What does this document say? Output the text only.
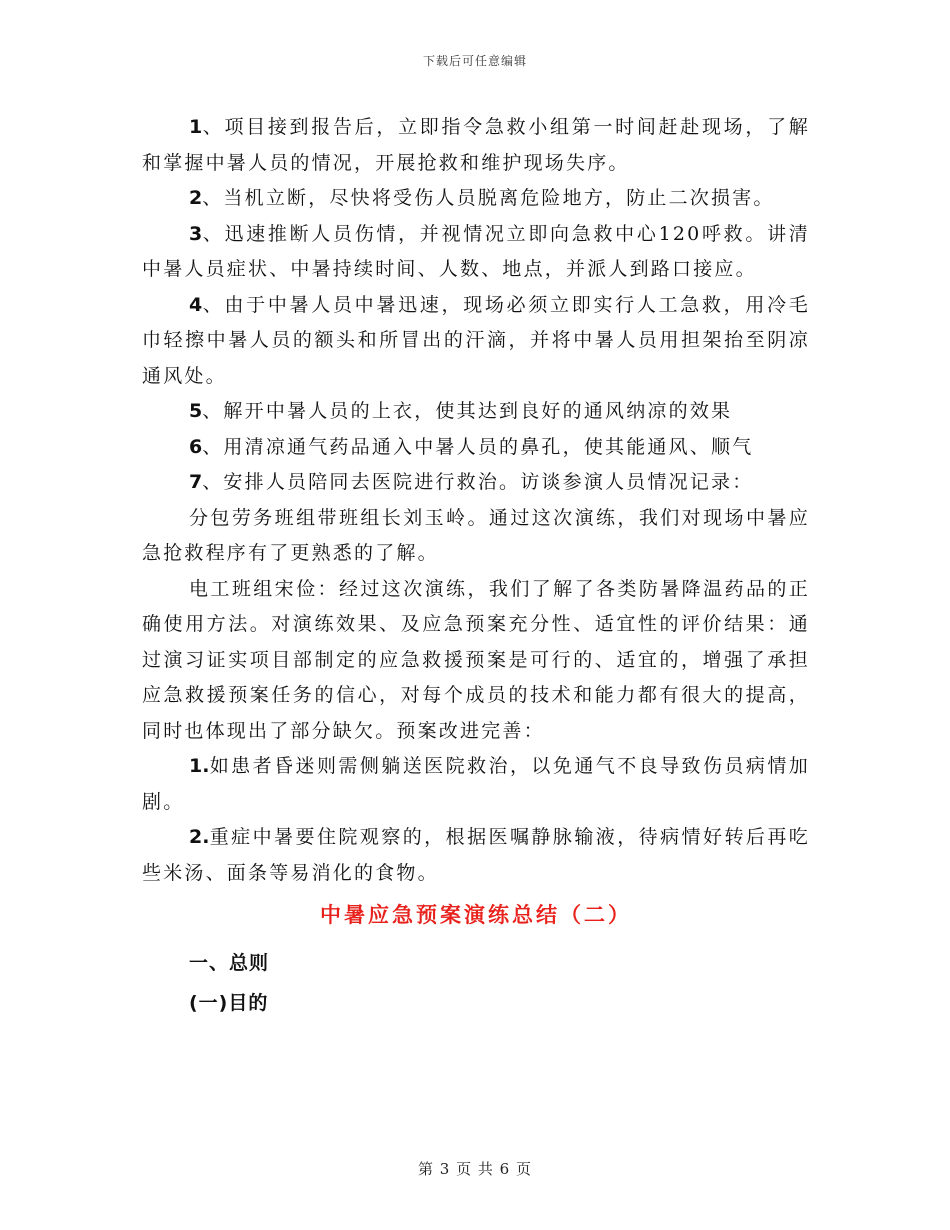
下载后可任意编辑

1、项目接到报告后，立即指令急救小组第一时间赶赴现场，了解和掌握中暑人员的情况，开展抢救和维护现场失序。

2、当机立断，尽快将受伤人员脱离危险地方，防止二次损害。

3、迅速推断人员伤情，并视情况立即向急救中心120呼救。讲清中暑人员症状、中暑持续时间、人数、地点，并派人到路口接应。

4、由于中暑人员中暑迅速，现场必须立即实行人工急救，用冷毛巾轻擦中暑人员的额头和所冒出的汗滴，并将中暑人员用担架抬至阴凉通风处。

5、解开中暑人员的上衣，使其达到良好的通风纳凉的效果

6、用清凉通气药品通入中暑人员的鼻孔，使其能通风、顺气

7、安排人员陪同去医院进行救治。访谈参演人员情况记录：

分包劳务班组带班组长刘玉岭。通过这次演练，我们对现场中暑应急抢救程序有了更熟悉的了解。

电工班组宋俭：经过这次演练，我们了解了各类防暑降温药品的正确使用方法。对演练效果、及应急预案充分性、适宜性的评价结果：通过演习证实项目部制定的应急救援预案是可行的、适宜的，增强了承担应急救援预案任务的信心，对每个成员的技术和能力都有很大的提高，同时也体现出了部分缺欠。预案改进完善：

1.如患者昏迷则需侧躺送医院救治，以免通气不良导致伤员病情加剧。

2.重症中暑要住院观察的，根据医嘱静脉输液，待病情好转后再吃些米汤、面条等易消化的食物。

中暑应急预案演练总结（二）

一、总则

(一)目的

第 3 页 共 6 页
